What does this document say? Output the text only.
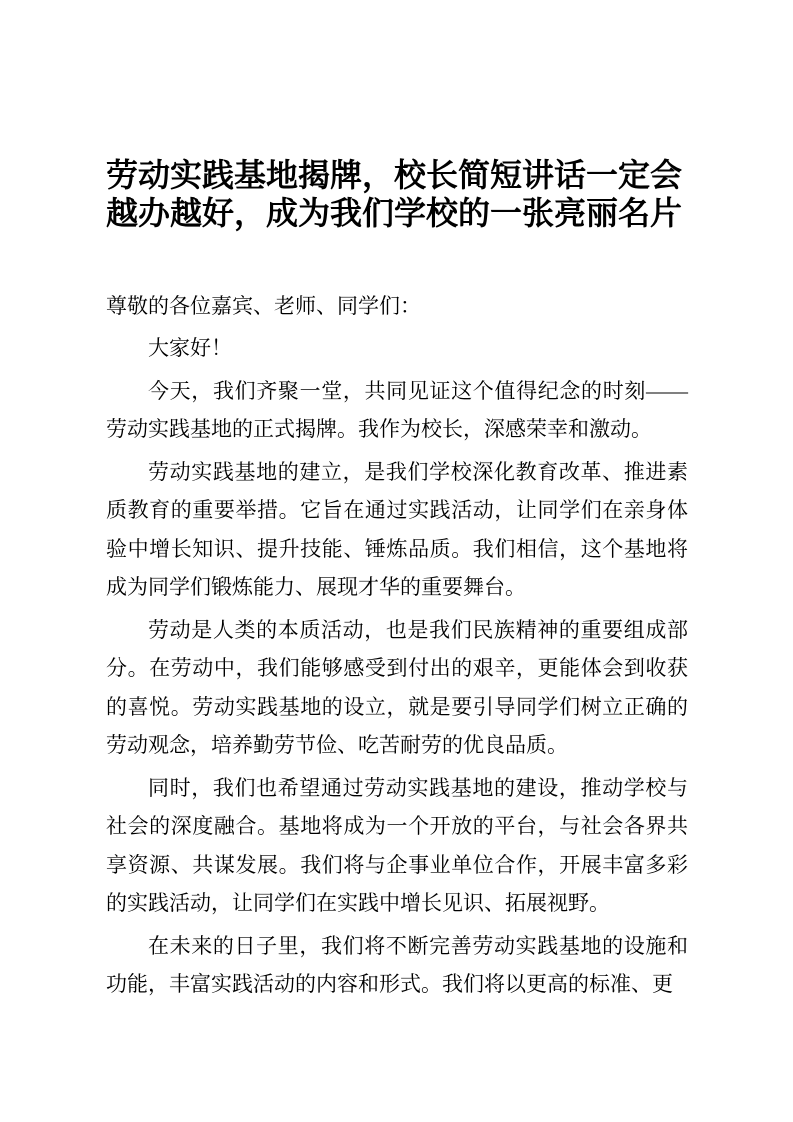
劳动实践基地揭牌，校长简短讲话一定会越办越好，成为我们学校的一张亮丽名片

尊敬的各位嘉宾、老师、同学们：

大家好！

今天，我们齐聚一堂，共同见证这个值得纪念的时刻——劳动实践基地的正式揭牌。我作为校长，深感荣幸和激动。

劳动实践基地的建立，是我们学校深化教育改革、推进素质教育的重要举措。它旨在通过实践活动，让同学们在亲身体验中增长知识、提升技能、锤炼品质。我们相信，这个基地将成为同学们锻炼能力、展现才华的重要舞台。

劳动是人类的本质活动，也是我们民族精神的重要组成部分。在劳动中，我们能够感受到付出的艰辛，更能体会到收获的喜悦。劳动实践基地的设立，就是要引导同学们树立正确的劳动观念，培养勤劳节俭、吃苦耐劳的优良品质。

同时，我们也希望通过劳动实践基地的建设，推动学校与社会的深度融合。基地将成为一个开放的平台，与社会各界共享资源、共谋发展。我们将与企事业单位合作，开展丰富多彩的实践活动，让同学们在实践中增长见识、拓展视野。

在未来的日子里，我们将不断完善劳动实践基地的设施和功能，丰富实践活动的内容和形式。我们将以更高的标准、更
